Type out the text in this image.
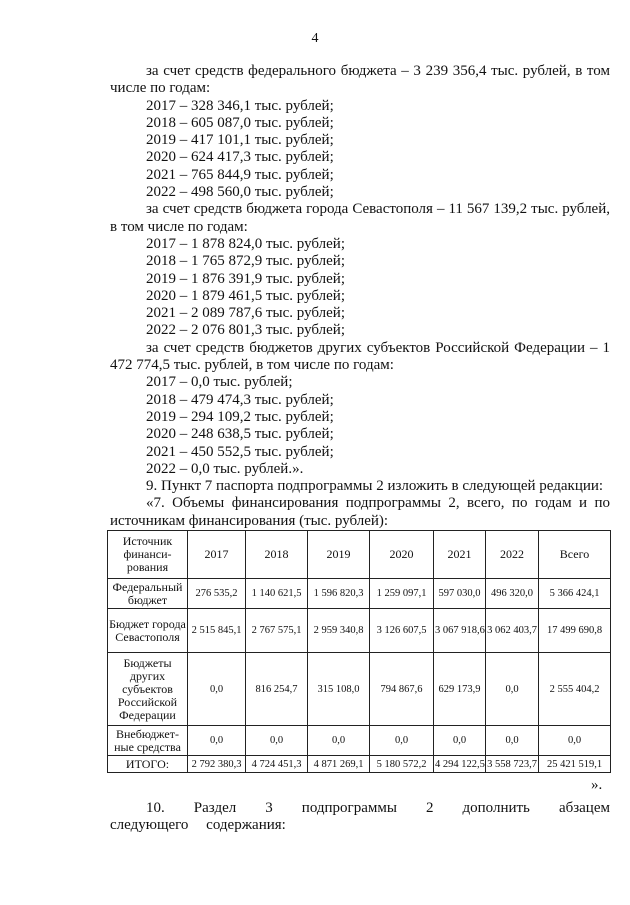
4

за счет средств федерального бюджета – 3 239 356,4 тыс. рублей, в том числе по годам:

2017 – 328 346,1 тыс. рублей;

2018 – 605 087,0 тыс. рублей;

2019 – 417 101,1 тыс. рублей;

2020 – 624 417,3 тыс. рублей;

2021 – 765 844,9 тыс. рублей;

2022 – 498 560,0 тыс. рублей;

за счет средств бюджета города Севастополя – 11 567 139,2 тыс. рублей, в том числе по годам:

2017 – 1 878 824,0 тыс. рублей;

2018 – 1 765 872,9 тыс. рублей;

2019 – 1 876 391,9 тыс. рублей;

2020 – 1 879 461,5 тыс. рублей;

2021 – 2 089 787,6 тыс. рублей;

2022 – 2 076 801,3 тыс. рублей;

за счет средств бюджетов других субъектов Российской Федерации – 1 472 774,5 тыс. рублей, в том числе по годам:

2017 – 0,0 тыс. рублей;

2018 – 479 474,3 тыс. рублей;

2019 – 294 109,2 тыс. рублей;

2020 – 248 638,5 тыс. рублей;

2021 – 450 552,5 тыс. рублей;

2022 – 0,0 тыс. рублей.».

9. Пункт 7 паспорта подпрограммы 2 изложить в следующей редакции:

«7. Объемы финансирования подпрограммы 2, всего, по годам и по источникам финансирования (тыс. рублей):

Источник финанси-рования	2017	2018	2019	2020	2021	2022	Всего
Федеральный бюджет	276 535,2	1 140 621,5	1 596 820,3	1 259 097,1	597 030,0	496 320,0	5 366 424,1
Бюджет города Севастополя	2 515 845,1	2 767 575,1	2 959 340,8	3 126 607,5	3 067 918,6	3 062 403,7	17 499 690,8
Бюджеты других субъектов Российской Федерации	0,0	816 254,7	315 108,0	794 867,6	629 173,9	0,0	2 555 404,2
Внебюджет-ные средства	0,0	0,0	0,0	0,0	0,0	0,0	0,0
ИТОГО:	2 792 380,3	4 724 451,3	4 871 269,1	5 180 572,2	4 294 122,5	3 558 723,7	25 421 519,1
».

10. Раздел 3 подпрограммы 2 дополнить абзацем следующего содержания:
